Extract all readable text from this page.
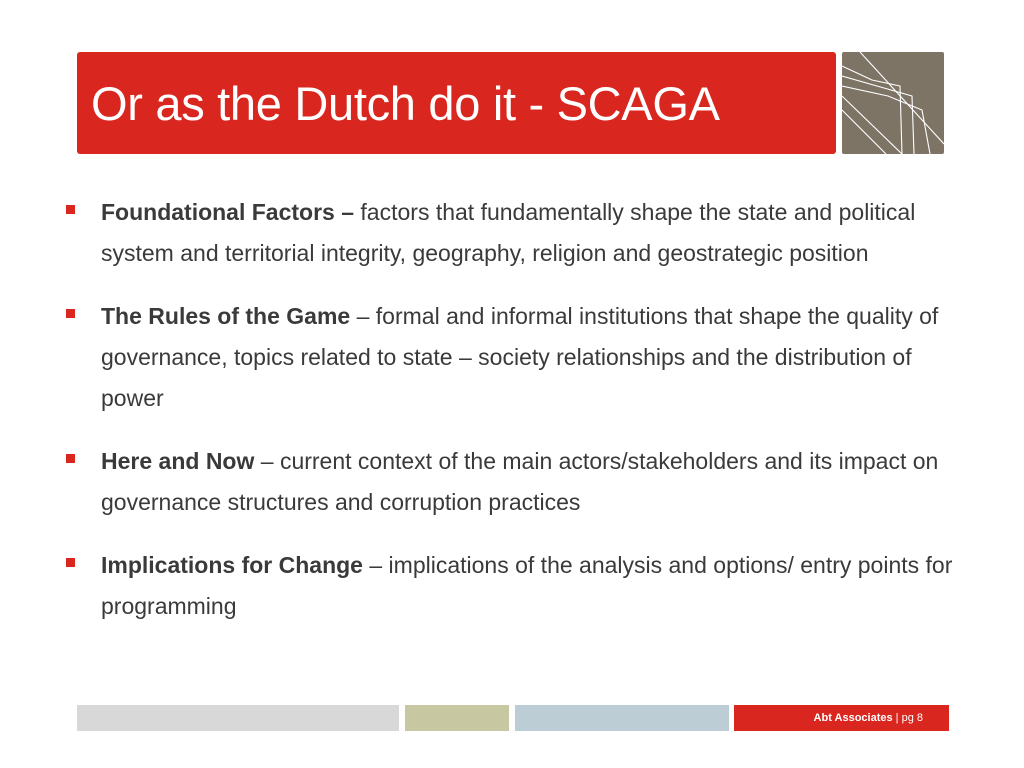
Or as the Dutch do it - SCAGA
Foundational Factors – factors that fundamentally shape the state and political system and territorial integrity, geography, religion and geostrategic position
The Rules of the Game – formal and informal institutions that shape the quality of governance, topics related to state – society relationships and the distribution of power
Here and Now – current context of the main actors/stakeholders and its impact on governance structures and corruption practices
Implications for Change – implications of the analysis and options/ entry points for programming
Abt Associates | pg 8
